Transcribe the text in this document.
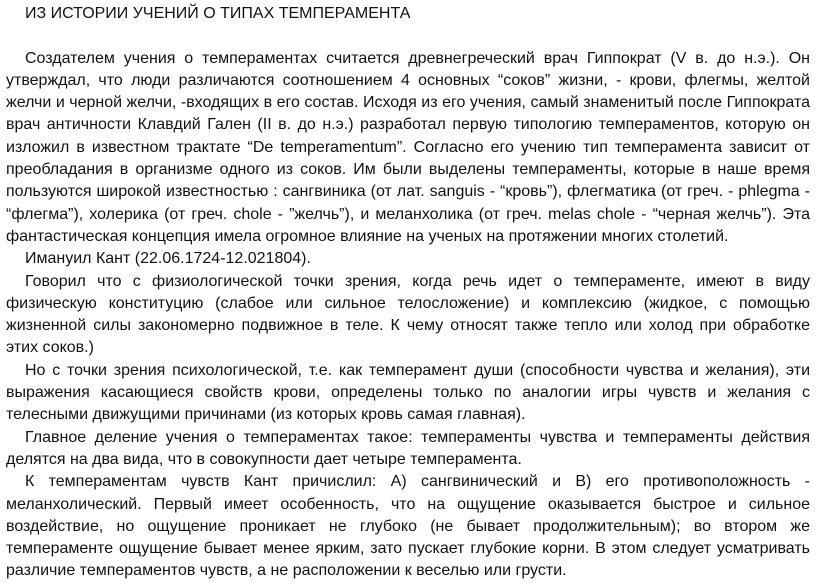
ИЗ ИСТОРИИ УЧЕНИЙ О ТИПАХ ТЕМПЕРАМЕНТА

Создателем учения о темпераментах считается древнегреческий врач Гиппократ (V в. до н.э.). Он утверждал, что люди различаются соотношением 4 основных “соков” жизни, - крови, флегмы, желтой желчи и черной желчи, -входящих в его состав. Исходя из его учения, самый знаменитый после Гиппократа врач античности Клавдий Гален (II в. до н.э.) разработал первую типологию темпераментов, которую он изложил в известном трактате “De temperamentum”. Согласно его учению тип темперамента зависит от преобладания в организме одного из соков. Им были выделены темпераменты, которые в наше время пользуются широкой известностью : сангвиника (от лат. sanguis - “кровь”), флегматика (от греч. - phlegma - “флегма”), холерика (от греч. chole - ”желчь”), и меланхолика (от греч. melas chole - “черная желчь”). Эта фантастическая концепция имела огромное влияние на ученых на протяжении многих столетий.

Имануил Кант (22.06.1724-12.021804).

Говорил что с физиологической точки зрения, когда речь идет о темпераменте, имеют в виду физическую конституцию (слабое или сильное телосложение) и комплексию (жидкое, с помощью жизненной силы закономерно подвижное в теле. К чему относят также тепло или холод при обработке этих соков.)

Но с точки зрения психологической, т.е. как темперамент души (способности чувства и желания), эти выражения касающиеся свойств крови, определены только по аналогии игры чувств и желания с телесными движущими причинами (из которых кровь самая главная).

Главное деление учения о темпераментах такое: темпераменты чувства и темпераменты действия делятся на два вида, что в совокупности дает четыре темперамента.

К темпераментам чувств Кант причислил: А) сангвинический и В) его противоположность - меланхолический. Первый имеет особенность, что на ощущение оказывается быстрое и сильное воздействие, но ощущение проникает не глубоко (не бывает продолжительным); во втором же темпераменте ощущение бывает менее ярким, зато пускает глубокие корни. В этом следует усматривать различие темпераментов чувств, а не расположении к веселью или грусти.
